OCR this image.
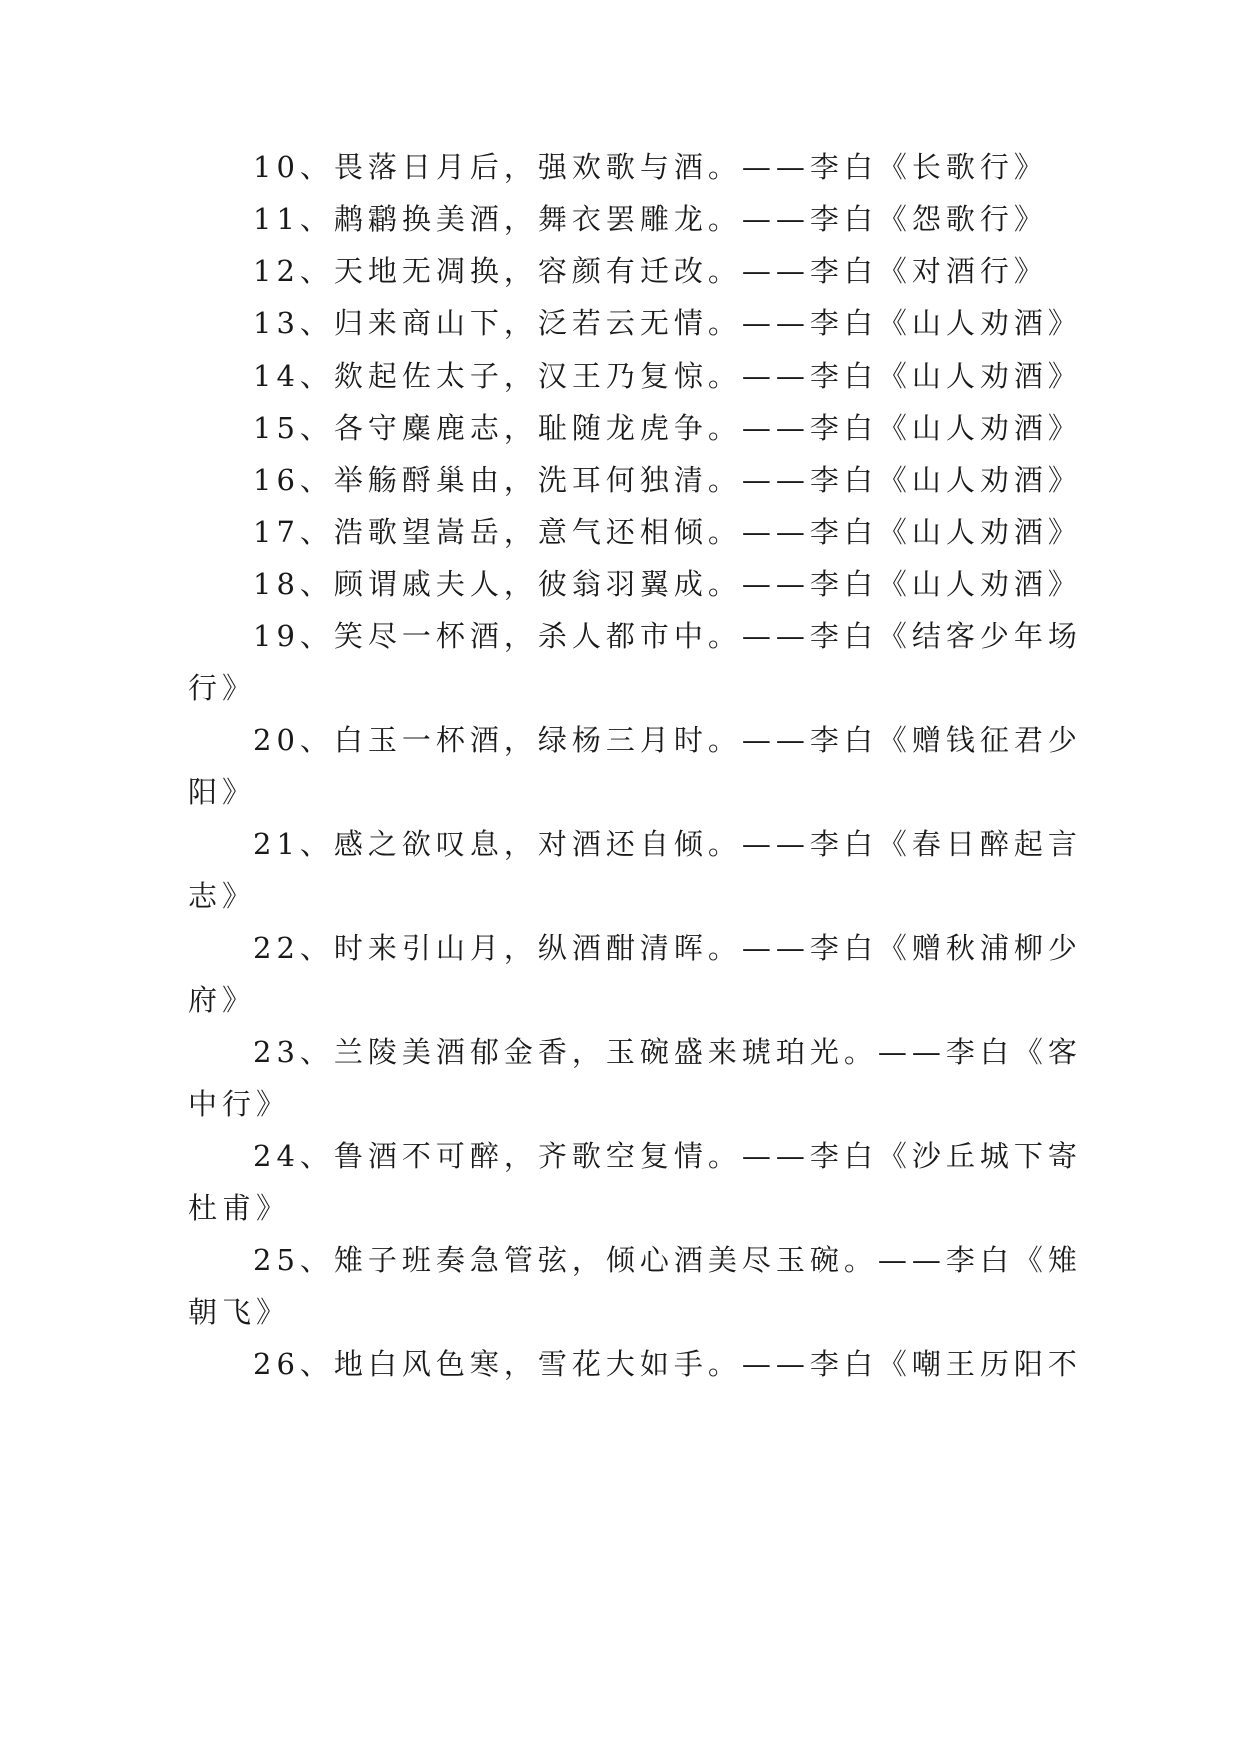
10、畏落日月后，强欢歌与酒。——李白《长歌行》
11、鹔鹴换美酒，舞衣罢雕龙。——李白《怨歌行》
12、天地无凋换，容颜有迁改。——李白《对酒行》
13、归来商山下，泛若云无情。——李白《山人劝酒》
14、欻起佐太子，汉王乃复惊。——李白《山人劝酒》
15、各守麋鹿志，耻随龙虎争。——李白《山人劝酒》
16、举觞酹巢由，洗耳何独清。——李白《山人劝酒》
17、浩歌望嵩岳，意气还相倾。——李白《山人劝酒》
18、顾谓戚夫人，彼翁羽翼成。——李白《山人劝酒》
19、笑尽一杯酒，杀人都市中。——李白《结客少年场
行》
20、白玉一杯酒，绿杨三月时。——李白《赠钱征君少
阳》
21、感之欲叹息，对酒还自倾。——李白《春日醉起言
志》
22、时来引山月，纵酒酣清晖。——李白《赠秋浦柳少
府》
23、兰陵美酒郁金香，玉碗盛来琥珀光。——李白《客
中行》
24、鲁酒不可醉，齐歌空复情。——李白《沙丘城下寄
杜甫》
25、雉子班奏急管弦，倾心酒美尽玉碗。——李白《雉
朝飞》
26、地白风色寒，雪花大如手。——李白《嘲王历阳不
